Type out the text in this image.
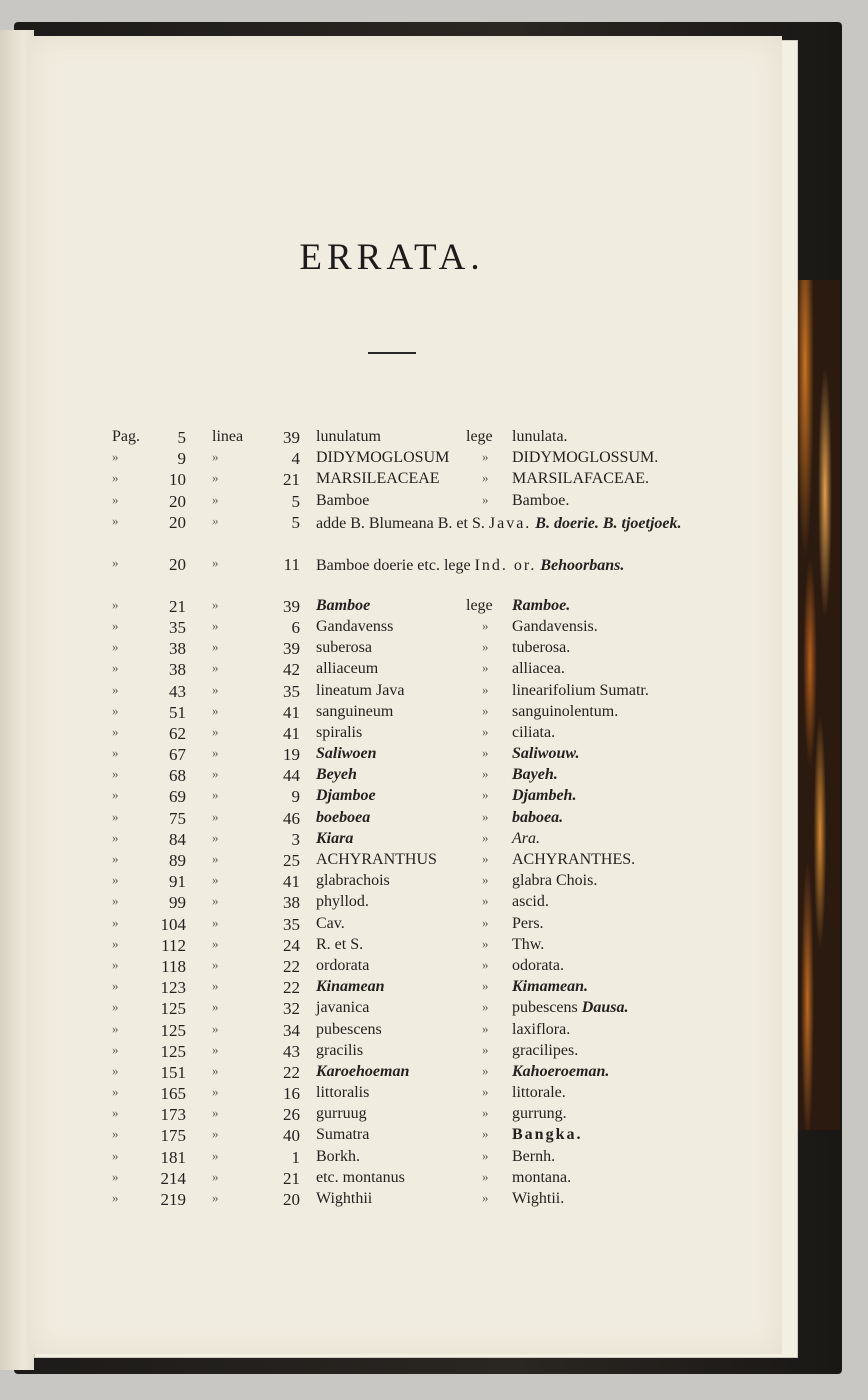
ERRATA.
Pag.	5 linea	39 lunulatum	lege lunulata.
»	9 »	4 DIDYMOGLOSUM	» DIDYMOGLOSSUM.
»	10 »	21 MARSILEACEAE	» MARSILAFACEAE.
»	20 »	5 Bamboe	» Bamboe.
»	20 »	5 adde B. Blumeana B. et S. Java. B. doerie. B. tjoetjoek.
»	20 »	11 Bamboe doerie etc. lege Ind. or. Behoorbans.
»	21 »	39 Bamboe	lege Ramboe.
»	35 »	6 Gandavenss	» Gandavensis.
»	38 »	39 suberosa	» tuberosa.
»	38 »	42 alliaceum	» alliacea.
»	43 »	35 lineatum Java	» linearifolium Sumatr.
»	51 »	41 sanguineum	» sanguinolentum.
»	62 »	41 spiralis	» ciliata.
»	67 »	19 Saliwoen	» Saliwouw.
»	68 »	44 Beyeh	» Bayeh.
»	69 »	9 Djamboe	» Djambeh.
»	75 »	46 boeboea	» baboea.
»	84 »	3 Kiara	» Ara.
»	89 »	25 ACHYRANTHUS	» ACHYRANTHES.
»	91 »	41 glabrachois	» glabra Chois.
»	99 »	38 phyllod.	» ascid.
»	104 »	35 Cav.	» Pers.
»	112 »	24 R. et S.	» Thw.
»	118 »	22 ordorata	» odorata.
»	123 »	22 Kinamean	» Kimamean.
»	125 »	32 javanica	» pubescens Dausa.
»	125 »	34 pubescens	» laxiflora.
»	125 »	43 gracilis	» gracilipes.
»	151 »	22 Karoehoeman	» Kahoeroeman.
»	165 »	16 littoralis	» littorale.
»	173 »	26 gurruug	» gurrung.
»	175 »	40 Sumatra	» Bangka.
»	181 »	1 Borkh.	» Bernh.
»	214 »	21 etc. montanus	» montana.
»	219 »	20 Wighthii	» Wightii.
